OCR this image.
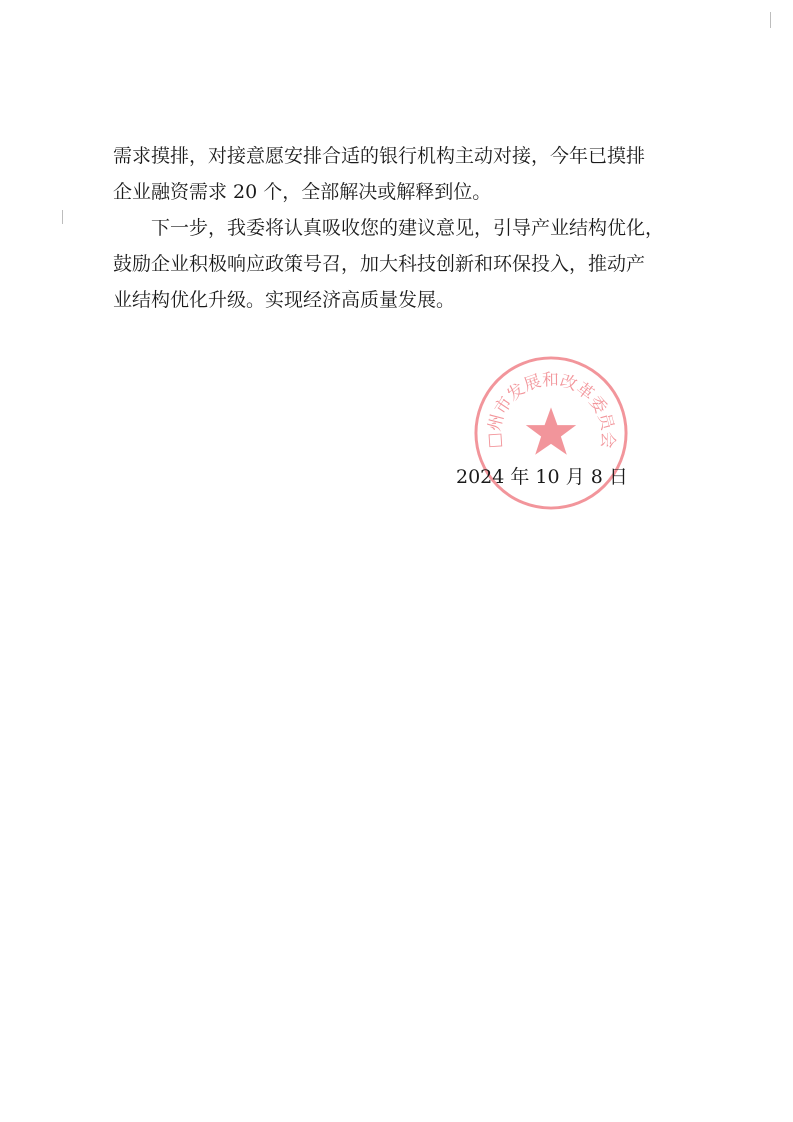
需求摸排，对接意愿安排合适的银行机构主动对接，今年已摸排
企业融资需求 20 个，全部解决或解释到位。

下一步，我委将认真吸收您的建议意见，引导产业结构优化，
鼓励企业积极响应政策号召，加大科技创新和环保投入，推动产
业结构优化升级。实现经济高质量发展。

□州市发展和改革委员会
2024 年 10 月 8 日
